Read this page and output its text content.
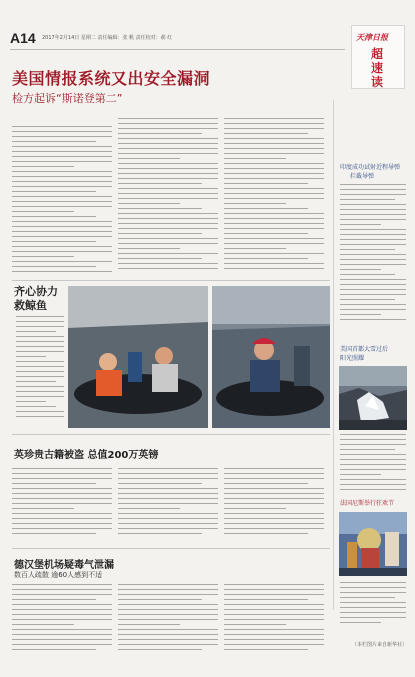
A14 2017年2月14日 星期二 责任编辑：张 帆 责任校对：郝 红	天津日报
超速读
美国情报系统又出安全漏洞
检方起诉“斯诺登第二”
印度成功试射近程导弹
拦截导弹
美国首都大雪过后
阳光照耀
法国尼斯举行狂欢节
（本栏图片来自新华社）
齐心协力
救鲸鱼
英珍贵古籍被盗 总值200万英镑
德汉堡机场疑毒气泄漏
数百人疏散 逾60人感到不适
